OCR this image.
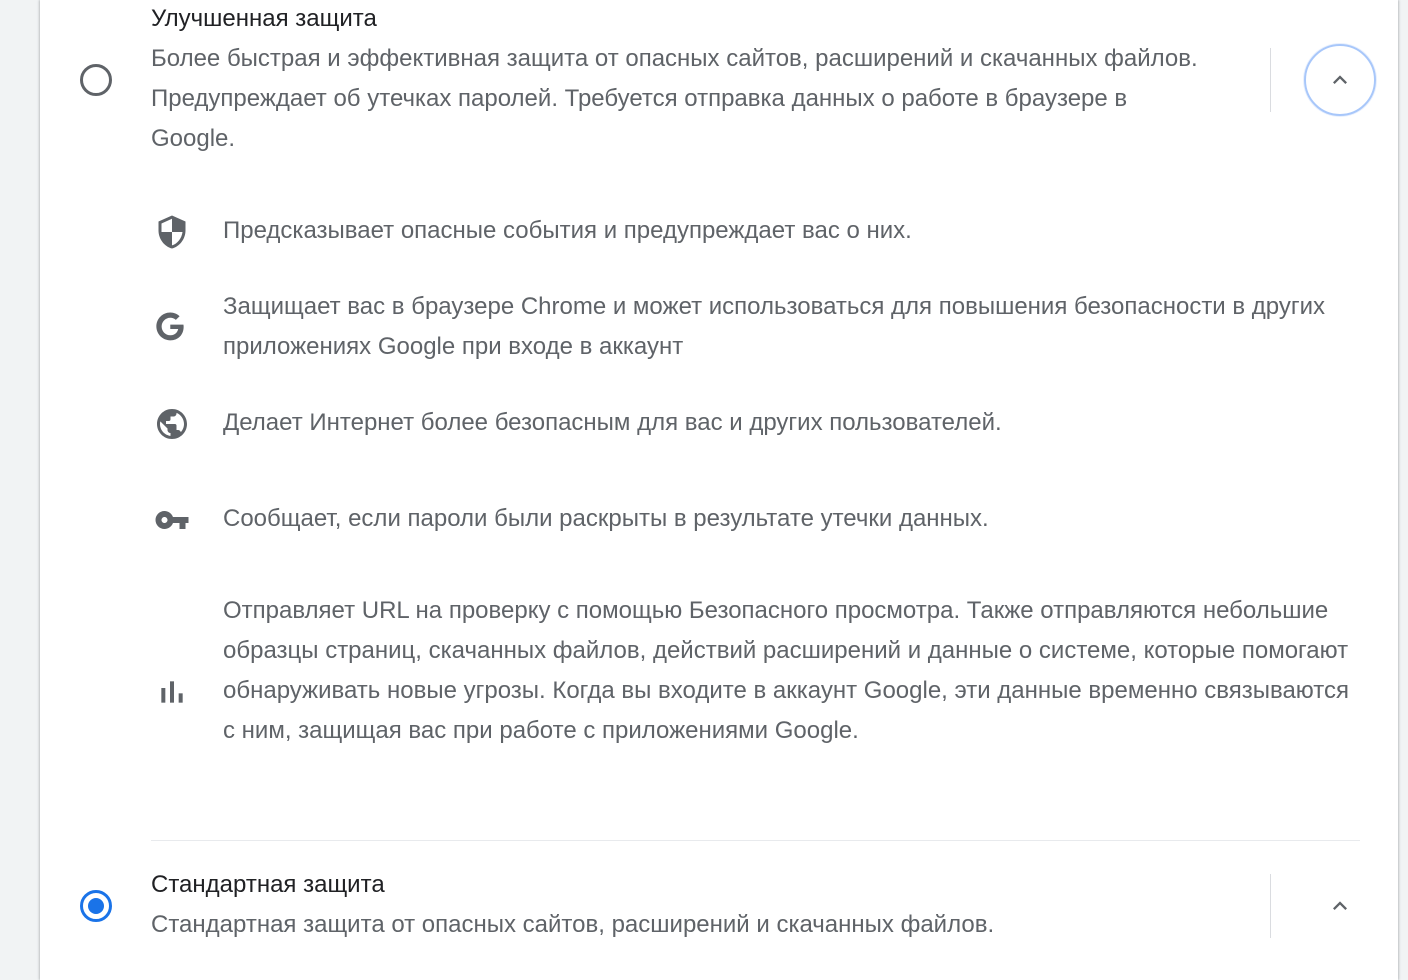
Улучшенная защита
Более быстрая и эффективная защита от опасных сайтов, расширений и скачанных файлов. Предупреждает об утечках паролей. Требуется отправка данных о работе в браузере в Google.
Предсказывает опасные события и предупреждает вас о них.
Защищает вас в браузере Chrome и может использоваться для повышения безопасности в других приложениях Google при входе в аккаунт
Делает Интернет более безопасным для вас и других пользователей.
Сообщает, если пароли были раскрыты в результате утечки данных.
Отправляет URL на проверку с помощью Безопасного просмотра. Также отправляются небольшие образцы страниц, скачанных файлов, действий расширений и данные о системе, которые помогают обнаруживать новые угрозы. Когда вы входите в аккаунт Google, эти данные временно связываются с ним, защищая вас при работе с приложениями Google.
Стандартная защита
Стандартная защита от опасных сайтов, расширений и скачанных файлов.
